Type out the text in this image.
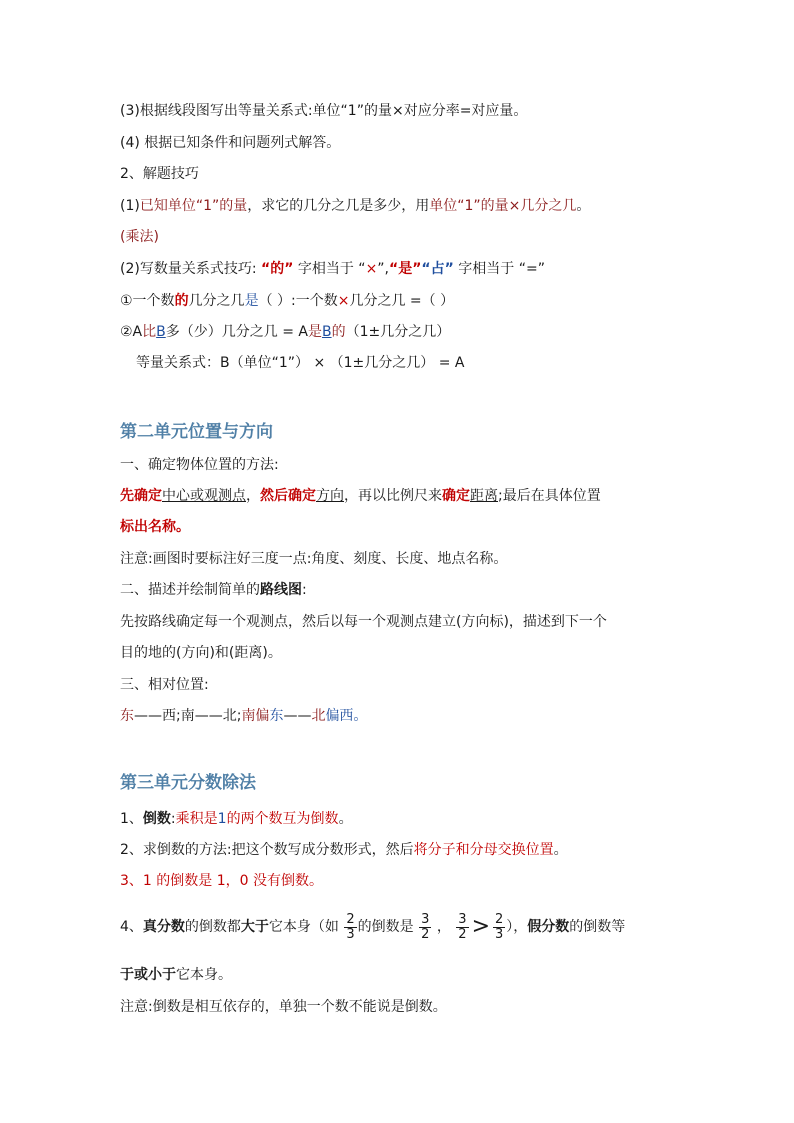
(3)根据线段图写出等量关系式:单位“1”的量×对应分率=对应量。
(4) 根据已知条件和问题列式解答。
2、解题技巧
(1)已知单位“1”的量，求它的几分之几是多少，用单位“1”的量×几分之几。
(乘法)
(2)写数量关系式技巧: “的” 字相当于 “×”,“是”“占” 字相当于 “=”
①一个数的几分之几是（ ）:一个数×几分之几 =（ ）
②A比B多（少）几分之几 = A是B的（1±几分之几）
等量关系式：B（单位“1”） × （1±几分之几） = A
第二单元位置与方向
一、确定物体位置的方法:
先确定中心或观测点，然后确定方向，再以比例尺来确定距离;最后在具体位置
标出名称。
注意:画图时要标注好三度一点:角度、刻度、长度、地点名称。
二、描述并绘制简单的路线图:
先按路线确定每一个观测点，然后以每一个观测点建立(方向标)，描述到下一个
目的地的(方向)和(距离)。
三、相对位置:
东——西;南——北;南偏东——北偏西。
第三单元分数除法
1、倒数:乘积是1的两个数互为倒数。
2、求倒数的方法:把这个数写成分数形式，然后将分子和分母交换位置。
3、1 的倒数是 1，0 没有倒数。
4、真分数的倒数都大于它本身（如 $\frac{2}{3}$ 的倒数是 $\frac{3}{2}$ ， $\frac{3}{2} > \frac{2}{3}$ ），假分数的倒数等
于或小于它本身。
注意:倒数是相互依存的，单独一个数不能说是倒数。
